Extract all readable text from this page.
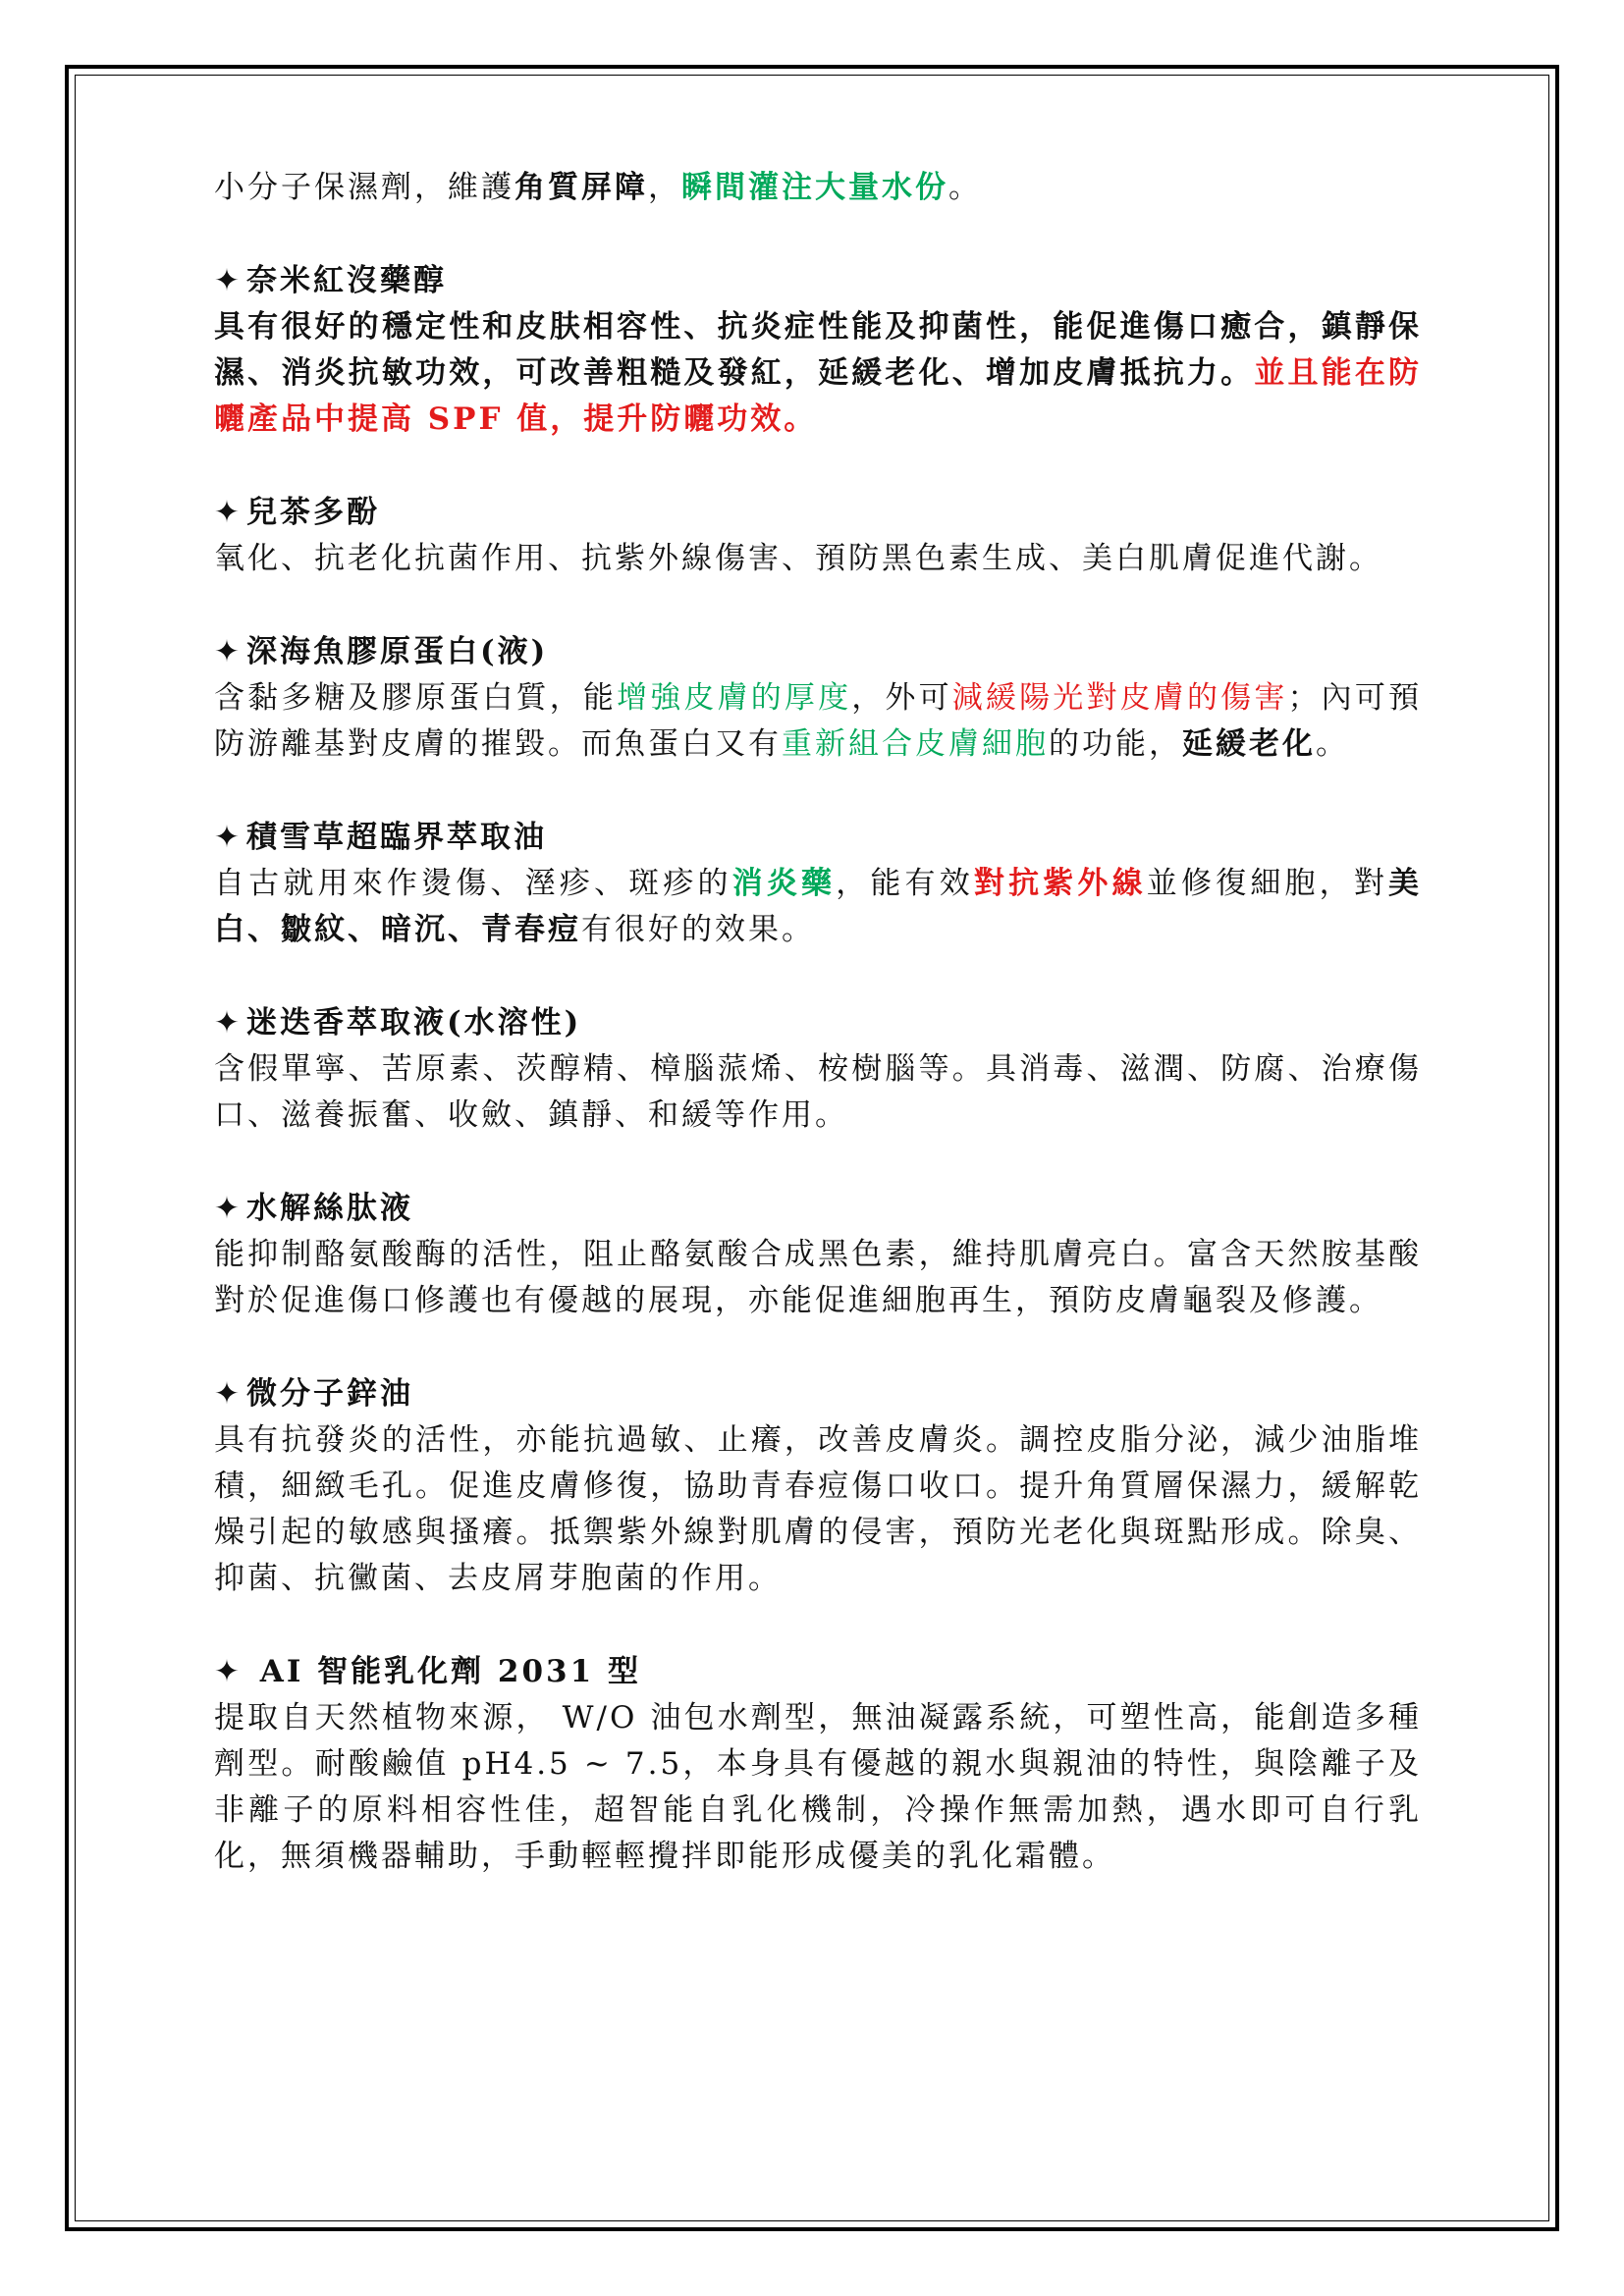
小分子保濕劑，維護角質屏障，瞬間灌注大量水份。
✦ 奈米紅沒藥醇
具有很好的穩定性和皮肤相容性、抗炎症性能及抑菌性，能促進傷口癒合，鎮靜保濕、消炎抗敏功效，可改善粗糙及發紅，延緩老化、增加皮膚抵抗力。並且能在防曬產品中提高 SPF 值，提升防曬功效。
✦ 兒茶多酚
氧化、抗老化抗菌作用、抗紫外線傷害、預防黑色素生成、美白肌膚促進代謝。
✦ 深海魚膠原蛋白(液)
含黏多糖及膠原蛋白質，能增強皮膚的厚度，外可減緩陽光對皮膚的傷害；內可預防游離基對皮膚的摧毀。而魚蛋白又有重新組合皮膚細胞的功能，延緩老化。
✦ 積雪草超臨界萃取油
自古就用來作燙傷、溼疹、斑疹的消炎藥，能有效對抗紫外線並修復細胞，對美白、皺紋、暗沉、青春痘有很好的效果。
✦ 迷迭香萃取液(水溶性)
含假單寧、苦原素、茨醇精、樟腦蒎烯、桉樹腦等。具消毒、滋潤、防腐、治療傷口、滋養振奮、收斂、鎮靜、和緩等作用。
✦ 水解絲肽液
能抑制酪氨酸酶的活性，阻止酪氨酸合成黑色素，維持肌膚亮白。富含天然胺基酸對於促進傷口修護也有優越的展現，亦能促進細胞再生，預防皮膚龜裂及修護。
✦ 微分子鋅油
具有抗發炎的活性，亦能抗過敏、止癢，改善皮膚炎。調控皮脂分泌，減少油脂堆積，細緻毛孔。促進皮膚修復，協助青春痘傷口收口。提升角質層保濕力，緩解乾燥引起的敏感與搔癢。抵禦紫外線對肌膚的侵害，預防光老化與斑點形成。除臭、抑菌、抗黴菌、去皮屑芽胞菌的作用。
✦ AI 智能乳化劑 2031 型
提取自天然植物來源， W/O 油包水劑型，無油凝露系統，可塑性高，能創造多種劑型。耐酸鹼值 pH4.5 ~ 7.5，本身具有優越的親水與親油的特性，與陰離子及非離子的原料相容性佳，超智能自乳化機制，冷操作無需加熱，遇水即可自行乳化，無須機器輔助，手動輕輕攪拌即能形成優美的乳化霜體。
